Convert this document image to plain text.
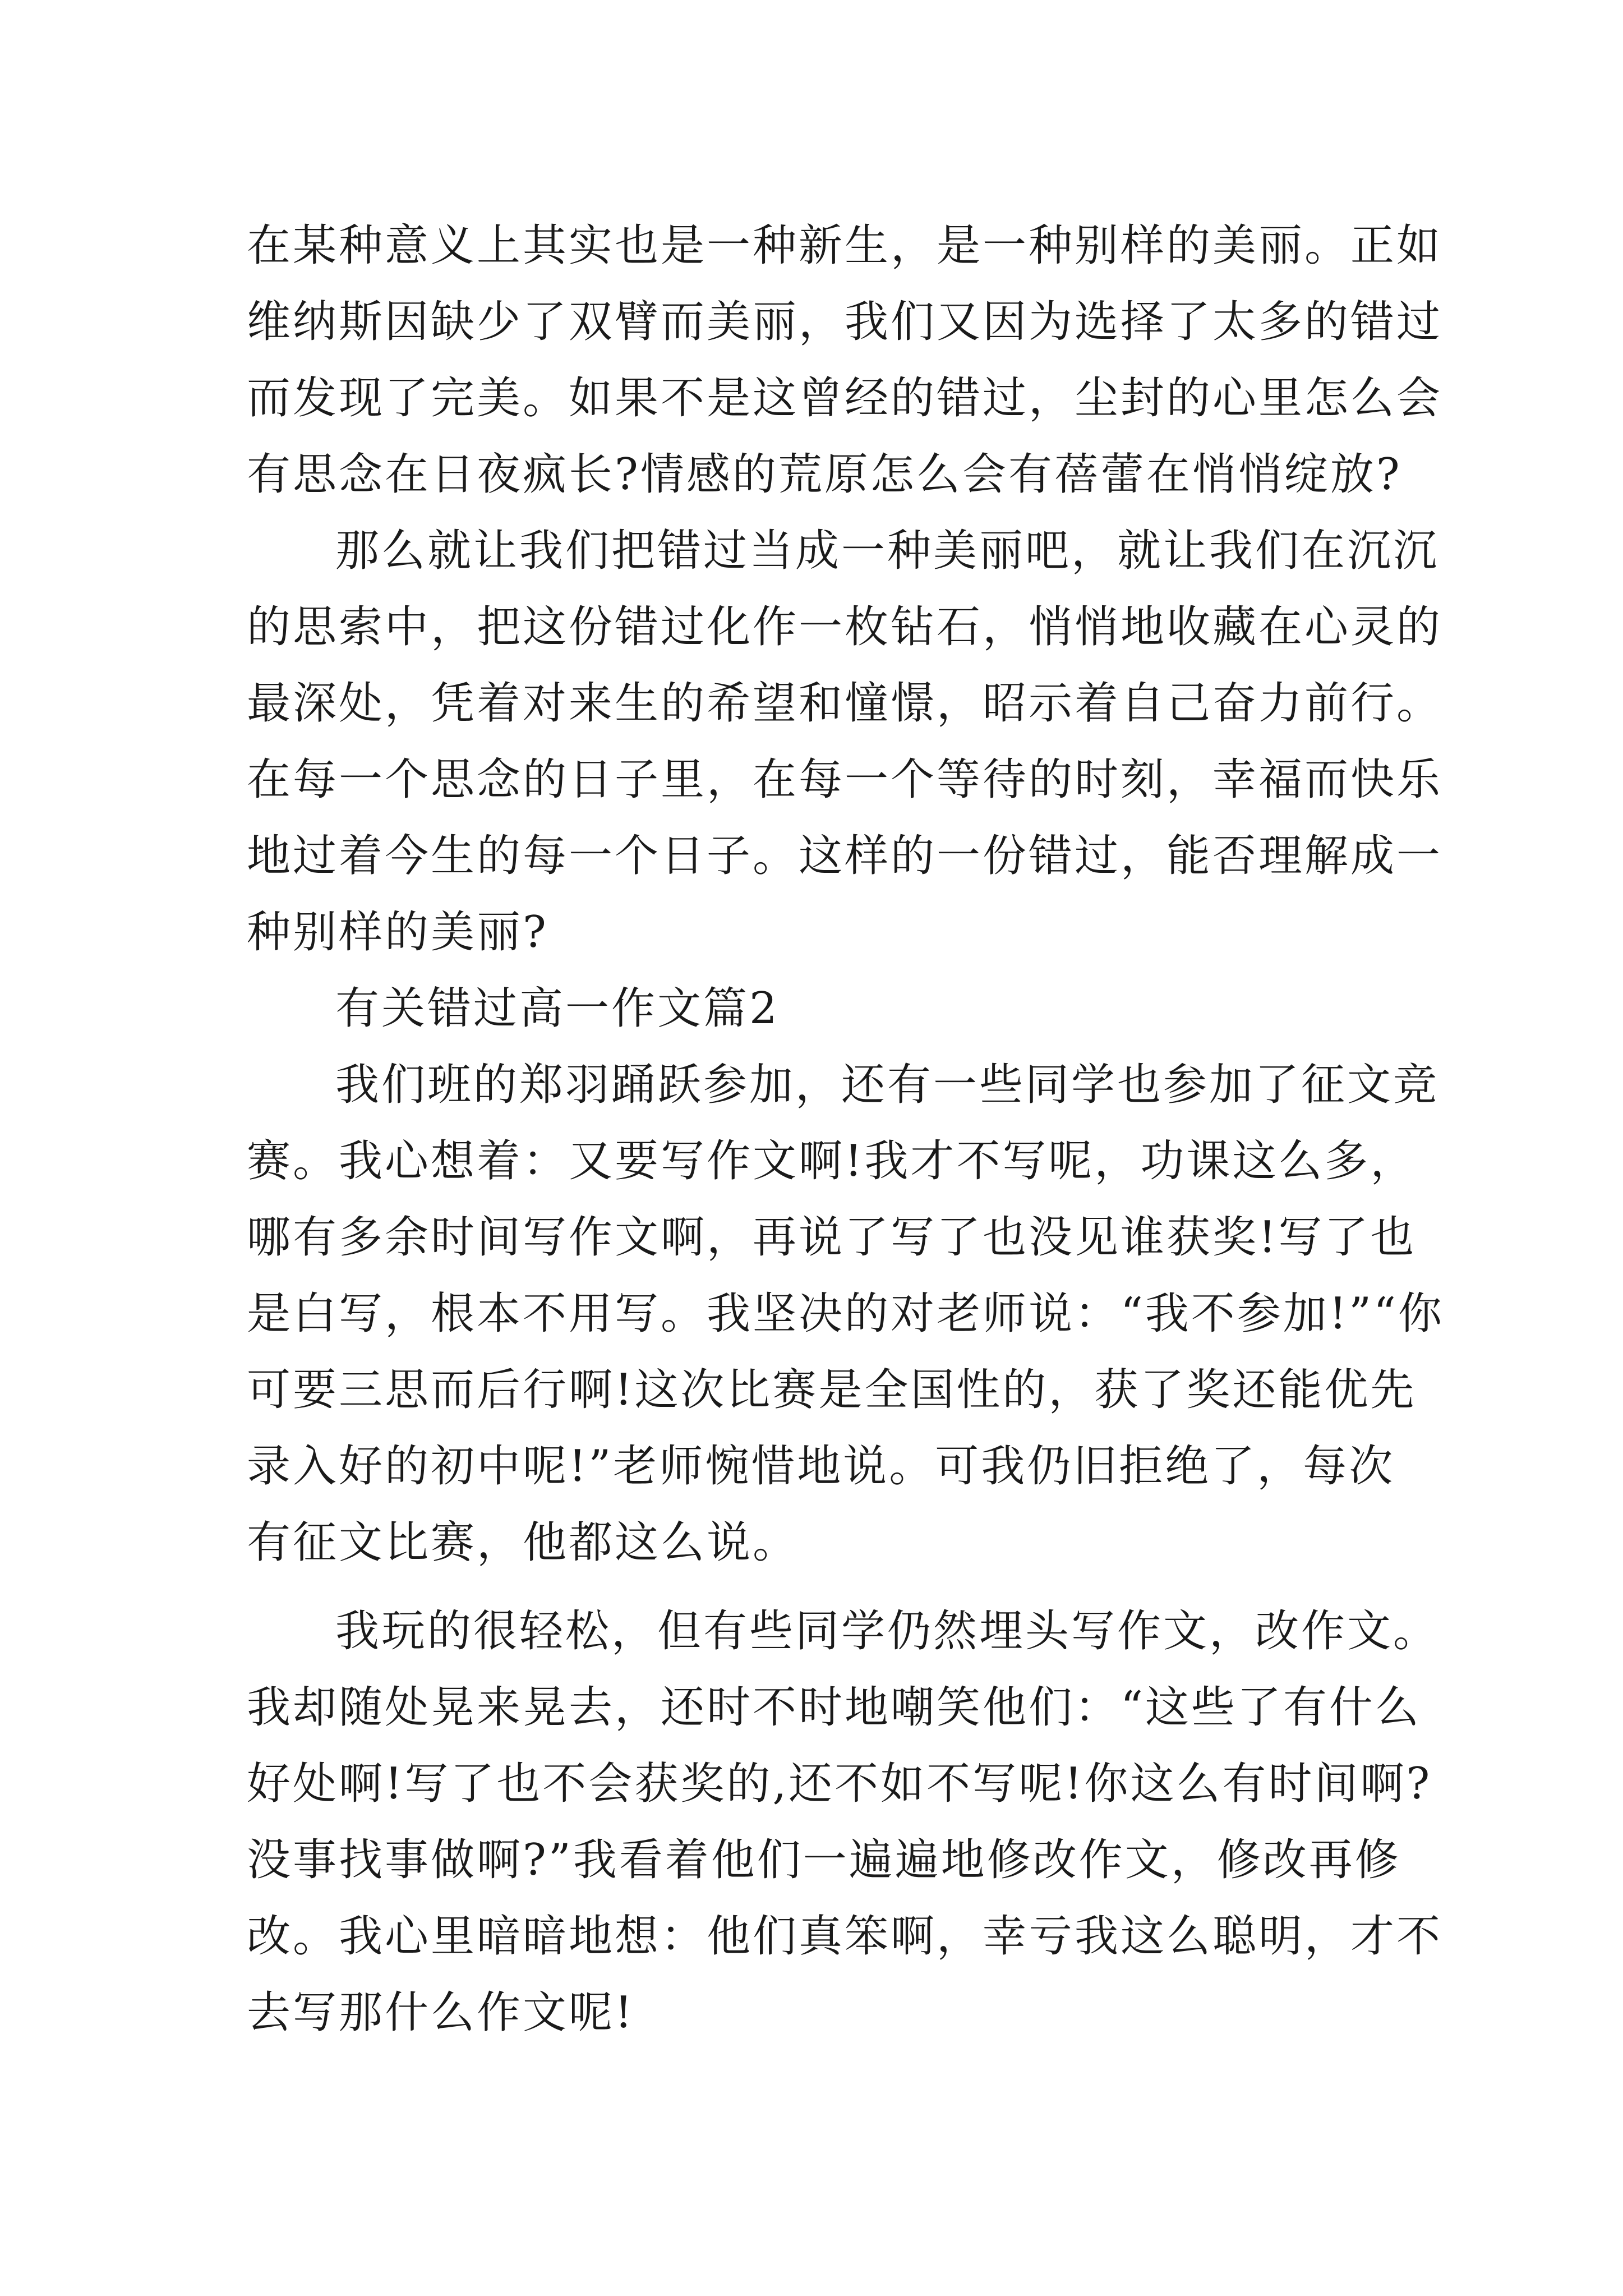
在某种意义上其实也是一种新生，是一种别样的美丽。正如
维纳斯因缺少了双臂而美丽，我们又因为选择了太多的错过
而发现了完美。如果不是这曾经的错过，尘封的心里怎么会
有思念在日夜疯长?情感的荒原怎么会有蓓蕾在悄悄绽放?
那么就让我们把错过当成一种美丽吧，就让我们在沉沉
的思索中，把这份错过化作一枚钻石，悄悄地收藏在心灵的
最深处，凭着对来生的希望和憧憬，昭示着自己奋力前行。
在每一个思念的日子里，在每一个等待的时刻，幸福而快乐
地过着今生的每一个日子。这样的一份错过，能否理解成一
种别样的美丽?
有关错过高一作文篇2
我们班的郑羽踊跃参加，还有一些同学也参加了征文竞
赛。我心想着：又要写作文啊!我才不写呢，功课这么多，
哪有多余时间写作文啊，再说了写了也没见谁获奖!写了也
是白写，根本不用写。我坚决的对老师说：“我不参加!”“你
可要三思而后行啊!这次比赛是全国性的，获了奖还能优先
录入好的初中呢!”老师惋惜地说。可我仍旧拒绝了，每次
有征文比赛，他都这么说。
我玩的很轻松，但有些同学仍然埋头写作文，改作文。
我却随处晃来晃去，还时不时地嘲笑他们：“这些了有什么
好处啊!写了也不会获奖的,还不如不写呢!你这么有时间啊?
没事找事做啊?”我看着他们一遍遍地修改作文，修改再修
改。我心里暗暗地想：他们真笨啊，幸亏我这么聪明，才不
去写那什么作文呢!
